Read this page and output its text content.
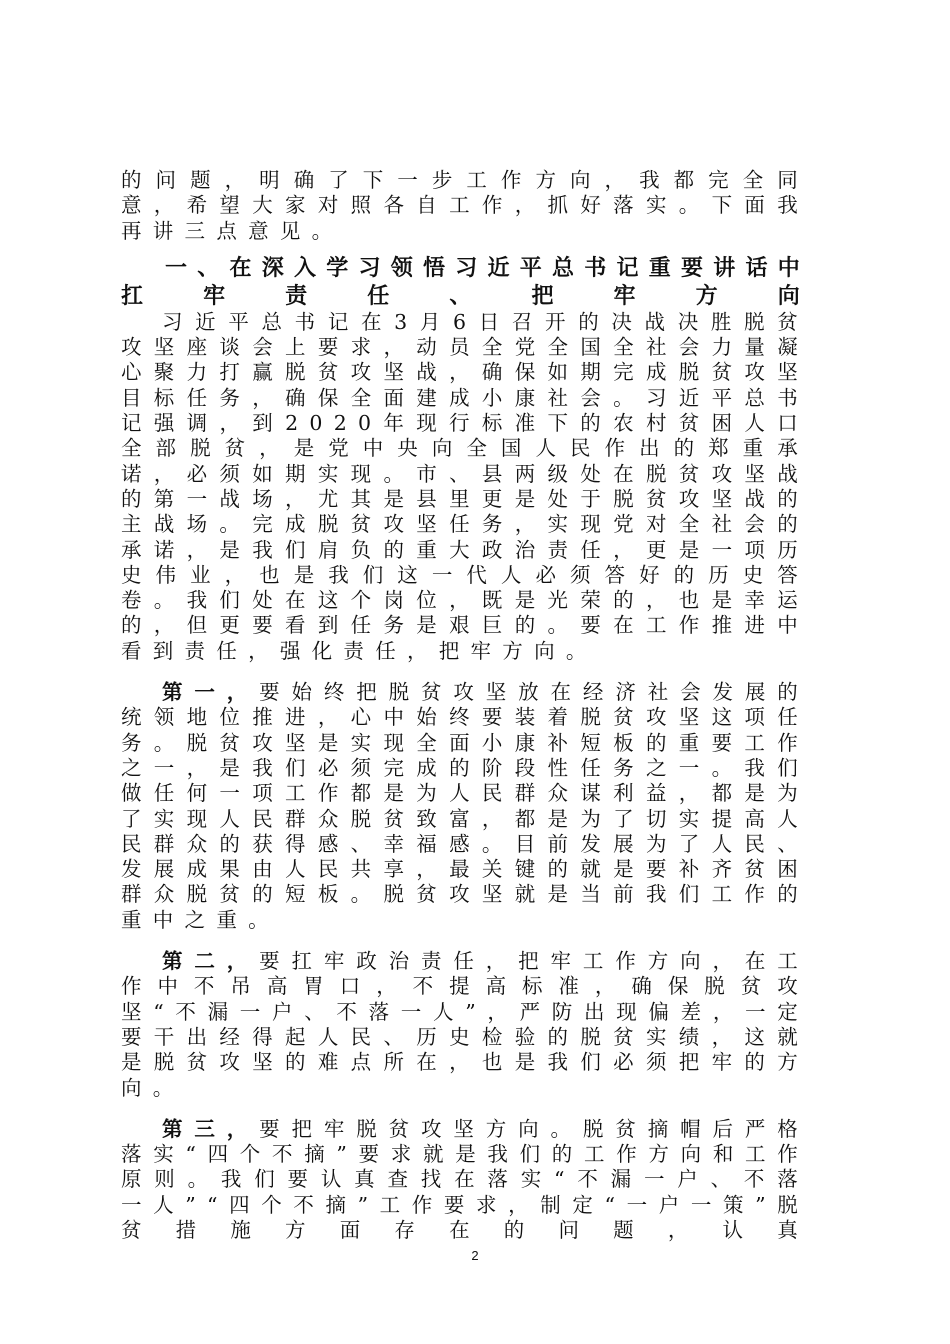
的问题，明确了下一步工作方向，我都完全同意，希望大家对照各自工作，抓好落实。下面我再讲三点意见。

一、在深入学习领悟习近平总书记重要讲话中扛牢责任、把牢方向

习近平总书记在3月6日召开的决战决胜脱贫攻坚座谈会上要求，动员全党全国全社会力量凝心聚力打赢脱贫攻坚战，确保如期完成脱贫攻坚目标任务，确保全面建成小康社会。习近平总书记强调，到2020年现行标准下的农村贫困人口全部脱贫，是党中央向全国人民作出的郑重承诺，必须如期实现。市、县两级处在脱贫攻坚战的第一战场，尤其是县里更是处于脱贫攻坚战的主战场。完成脱贫攻坚任务，实现党对全社会的承诺，是我们肩负的重大政治责任，更是一项历史伟业，也是我们这一代人必须答好的历史答卷。我们处在这个岗位，既是光荣的，也是幸运的，但更要看到任务是艰巨的。要在工作推进中看到责任，强化责任，把牢方向。

第一，要始终把脱贫攻坚放在经济社会发展的统领地位推进，心中始终要装着脱贫攻坚这项任务。脱贫攻坚是实现全面小康补短板的重要工作之一，是我们必须完成的阶段性任务之一。我们做任何一项工作都是为人民群众谋利益，都是为了实现人民群众脱贫致富，都是为了切实提高人民群众的获得感、幸福感。目前发展为了人民、发展成果由人民共享，最关键的就是要补齐贫困群众脱贫的短板。脱贫攻坚就是当前我们工作的重中之重。

第二，要扛牢政治责任，把牢工作方向，在工作中不吊高胃口，不提高标准，确保脱贫攻坚“不漏一户、不落一人”，严防出现偏差，一定要干出经得起人民、历史检验的脱贫实绩，这就是脱贫攻坚的难点所在，也是我们必须把牢的方向。

第三，要把牢脱贫攻坚方向。脱贫摘帽后严格落实“四个不摘”要求就是我们的工作方向和工作原则。我们要认真查找在落实“不漏一户、不落一人”“四个不摘”工作要求，制定“一户一策”脱贫措施方面存在的问题，认真

2
